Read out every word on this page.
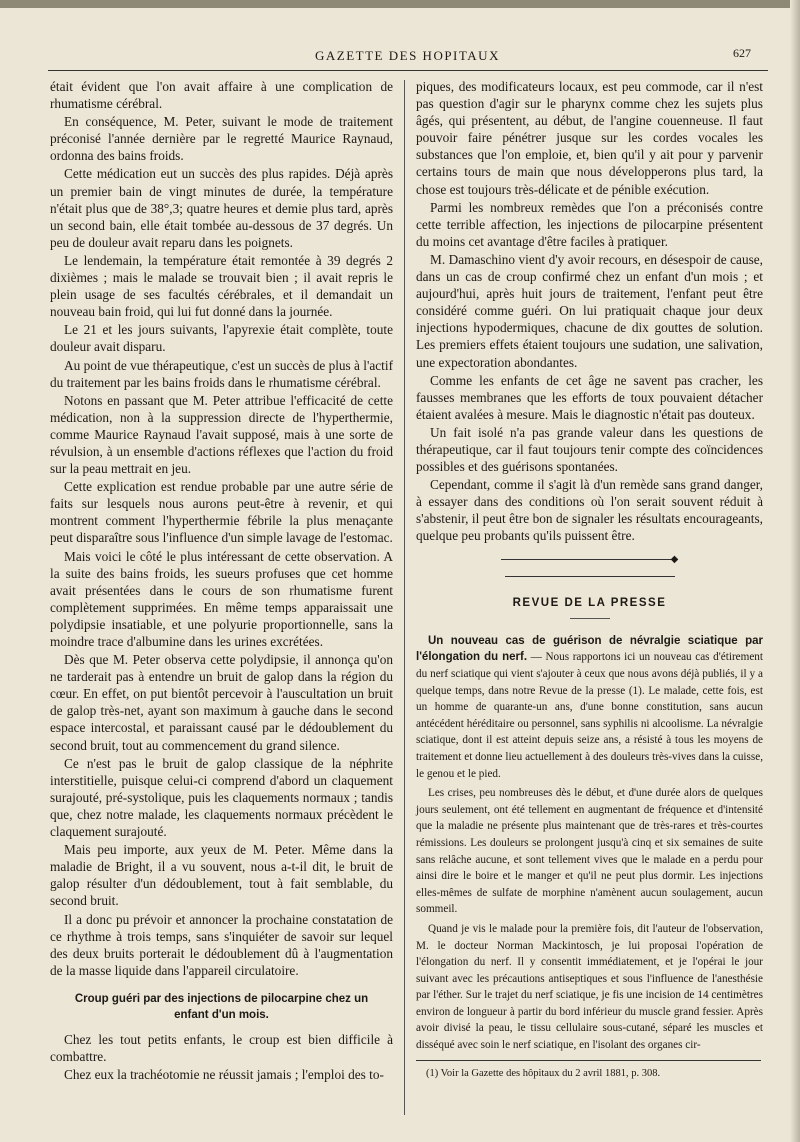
GAZETTE DES HOPITAUX	627

était évident que l'on avait affaire à une complication de rhumatisme cérébral.

En conséquence, M. Peter, suivant le mode de traitement préconisé l'année dernière par le regretté Maurice Raynaud, ordonna des bains froids.

Cette médication eut un succès des plus rapides. Déjà après un premier bain de vingt minutes de durée, la température n'était plus que de 38°,3; quatre heures et demie plus tard, après un second bain, elle était tombée au-dessous de 37 degrés. Un peu de douleur avait reparu dans les poignets.

Le lendemain, la température était remontée à 39 degrés 2 dixièmes ; mais le malade se trouvait bien ; il avait repris le plein usage de ses facultés cérébrales, et il demandait un nouveau bain froid, qui lui fut donné dans la journée.

Le 21 et les jours suivants, l'apyrexie était complète, toute douleur avait disparu.

Au point de vue thérapeutique, c'est un succès de plus à l'actif du traitement par les bains froids dans le rhumatisme cérébral.

Notons en passant que M. Peter attribue l'efficacité de cette médication, non à la suppression directe de l'hyperthermie, comme Maurice Raynaud l'avait supposé, mais à une sorte de révulsion, à un ensemble d'actions réflexes que l'action du froid sur la peau mettrait en jeu.

Cette explication est rendue probable par une autre série de faits sur lesquels nous aurons peut-être à revenir, et qui montrent comment l'hyperthermie fébrile la plus menaçante peut disparaître sous l'influence d'un simple lavage de l'estomac.

Mais voici le côté le plus intéressant de cette observation. A la suite des bains froids, les sueurs profuses que cet homme avait présentées dans le cours de son rhumatisme furent complètement supprimées. En même temps apparaissait une polydipsie insatiable, et une polyurie proportionnelle, sans la moindre trace d'albumine dans les urines excrétées.

Dès que M. Peter observa cette polydipsie, il annonça qu'on ne tarderait pas à entendre un bruit de galop dans la région du cœur. En effet, on put bientôt percevoir à l'auscultation un bruit de galop très-net, ayant son maximum à gauche dans le second espace intercostal, et paraissant causé par le dédoublement du second bruit, tout au commencement du grand silence.

Ce n'est pas le bruit de galop classique de la néphrite interstitielle, puisque celui-ci comprend d'abord un claquement surajouté, pré-systolique, puis les claquements normaux ; tandis que, chez notre malade, les claquements normaux précèdent le claquement surajouté.

Mais peu importe, aux yeux de M. Peter. Même dans la maladie de Bright, il a vu souvent, nous a-t-il dit, le bruit de galop résulter d'un dédoublement, tout à fait semblable, du second bruit.

Il a donc pu prévoir et annoncer la prochaine constatation de ce rhythme à trois temps, sans s'inquiéter de savoir sur lequel des deux bruits porterait le dédoublement dû à l'augmentation de la masse liquide dans l'appareil circulatoire.

Croup guéri par des injections de pilocarpine chez un enfant d'un mois.

Chez les tout petits enfants, le croup est bien difficile à combattre.

Chez eux la trachéotomie ne réussit jamais ; l'emploi des to-

piques, des modificateurs locaux, est peu commode, car il n'est pas question d'agir sur le pharynx comme chez les sujets plus âgés, qui présentent, au début, de l'angine couenneuse. Il faut pouvoir faire pénétrer jusque sur les cordes vocales les substances que l'on emploie, et, bien qu'il y ait pour y parvenir certains tours de main que nous développerons plus tard, la chose est toujours très-délicate et de pénible exécution.

Parmi les nombreux remèdes que l'on a préconisés contre cette terrible affection, les injections de pilocarpine présentent du moins cet avantage d'être faciles à pratiquer.

M. Damaschino vient d'y avoir recours, en désespoir de cause, dans un cas de croup confirmé chez un enfant d'un mois ; et aujourd'hui, après huit jours de traitement, l'enfant peut être considéré comme guéri. On lui pratiquait chaque jour deux injections hypodermiques, chacune de dix gouttes de solution. Les premiers effets étaient toujours une sudation, une salivation, une expectoration abondantes.

Comme les enfants de cet âge ne savent pas cracher, les fausses membranes que les efforts de toux pouvaient détacher étaient avalées à mesure. Mais le diagnostic n'était pas douteux.

Un fait isolé n'a pas grande valeur dans les questions de thérapeutique, car il faut toujours tenir compte des coïncidences possibles et des guérisons spontanées.

Cependant, comme il s'agit là d'un remède sans grand danger, à essayer dans des conditions où l'on serait souvent réduit à s'abstenir, il peut être bon de signaler les résultats encourageants, quelque peu probants qu'ils puissent être.

◆
REVUE DE LA PRESSE

Un nouveau cas de guérison de névralgie sciatique par l'élongation du nerf. — Nous rapportons ici un nouveau cas d'étirement du nerf sciatique qui vient s'ajouter à ceux que nous avons déjà publiés, il y a quelque temps, dans notre Revue de la presse (1). Le malade, cette fois, est un homme de quarante-un ans, d'une bonne constitution, sans aucun antécédent héréditaire ou personnel, sans syphilis ni alcoolisme. La névralgie sciatique, dont il est atteint depuis seize ans, a résisté à tous les moyens de traitement et donne lieu actuellement à des douleurs très-vives dans la cuisse, le genou et le pied.

Les crises, peu nombreuses dès le début, et d'une durée alors de quelques jours seulement, ont été tellement en augmentant de fréquence et d'intensité que la maladie ne présente plus maintenant que de très-rares et très-courtes rémissions. Les douleurs se prolongent jusqu'à cinq et six semaines de suite sans relâche aucune, et sont tellement vives que le malade en a perdu pour ainsi dire le boire et le manger et qu'il ne peut plus dormir. Les injections elles-mêmes de sulfate de morphine n'amènent aucun soulagement, aucun sommeil.

Quand je vis le malade pour la première fois, dit l'auteur de l'observation, M. le docteur Norman Mackintosch, je lui proposai l'opération de l'élongation du nerf. Il y consentit immédiatement, et je l'opérai le jour suivant avec les précautions antiseptiques et sous l'influence de l'anesthésie par l'éther. Sur le trajet du nerf sciatique, je fis une incision de 14 centimètres environ de longueur à partir du bord inférieur du muscle grand fessier. Après avoir divisé la peau, le tissu cellulaire sous-cutané, séparé les muscles et disséqué avec soin le nerf sciatique, en l'isolant des organes cir-

(1) Voir la Gazette des hôpitaux du 2 avril 1881, p. 308.
